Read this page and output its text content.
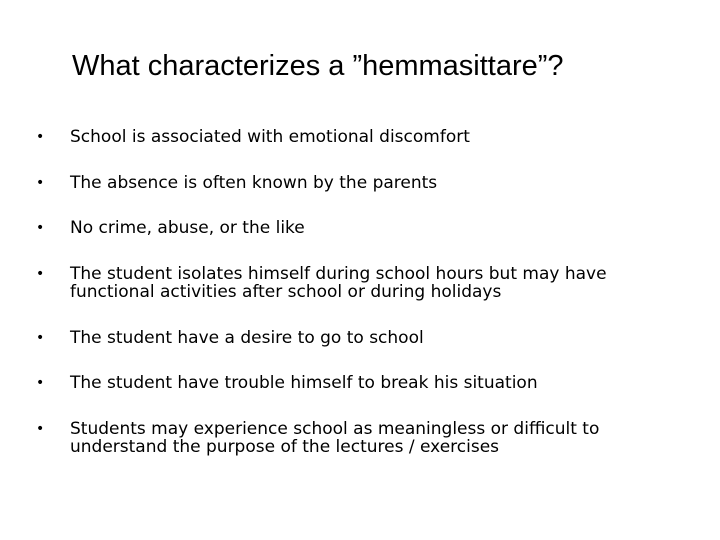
What characterizes a ”hemmasittare”?
•	School is associated with emotional discomfort
•	The absence is often known by the parents
•	No crime, abuse, or the like
•	The student isolates himself during school hours but may have functional activities after school or during holidays
•	The student have a desire to go to school
•	The student have trouble himself to break his situation
•	Students may experience school as meaningless or difficult to understand the purpose of the lectures / exercises
